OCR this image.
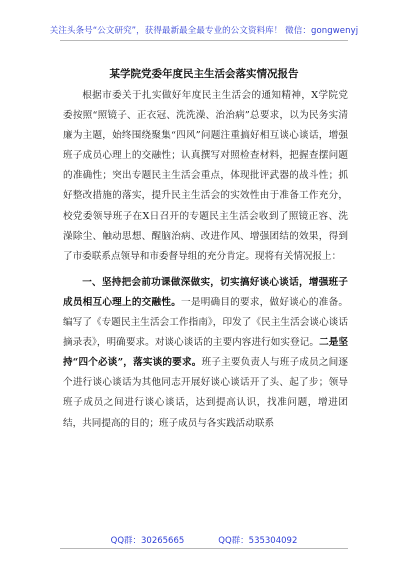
关注头条号“公文研究”，获得最新最全最专业的公文资料库！ 微信：gongwenyj
某学院党委年度民主生活会落实情况报告

根据市委关于扎实做好年度民主生活会的通知精神，X学院党委按照“照镜子、正衣冠、洗洗澡、治治病”总要求，以为民务实清廉为主题，始终围绕聚集“四风”问题注重搞好相互谈心谈话，增强班子成员心理上的交融性；认真撰写对照检查材料，把握查摆问题的准确性；突出专题民主生活会重点，体现批评武器的战斗性；抓好整改措施的落实，提升民主生活会的实效性由于准备工作充分，校党委领导班子在X日召开的专题民主生活会收到了照镜正容、洗澡除尘、触动思想、醒脑治病、改进作风、增强团结的效果，得到了市委联系点领导和市委督导组的充分肯定。现将有关情况报上：

一、坚持把会前功课做深做实，切实搞好谈心谈话，增强班子成员相互心理上的交融性。一是明确目的要求，做好谈心的准备。编写了《专题民主生活会工作指南》，印发了《民主生活会谈心谈话摘录表》，明确要求。对谈心谈话的主要内容进行如实登记。二是坚持“四个必谈”，落实谈的要求。班子主要负责人与班子成员之间逐个进行谈心谈话为其他同志开展好谈心谈话开了头、起了步；领导班子成员之间进行谈心谈话，达到提高认识，找准问题，增进团结，共同提高的目的；班子成员与各实践活动联系

QQ群：30265665	QQ群：535304092
